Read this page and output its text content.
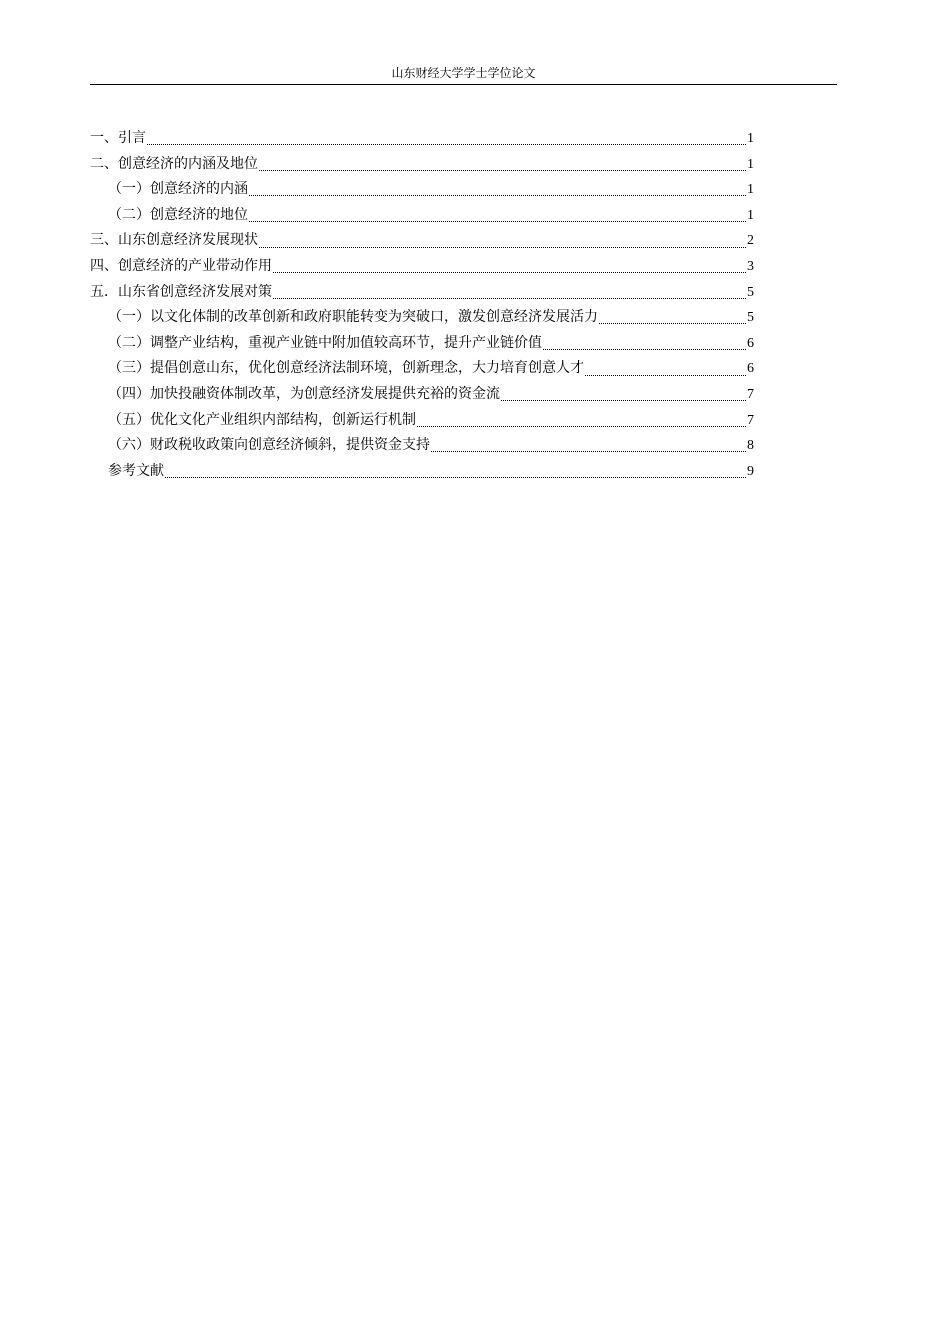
山东财经大学学士学位论文
一、引言	1
二、创意经济的内涵及地位	1
（一）创意经济的内涵	1
（二）创意经济的地位	1
三、山东创意经济发展现状	2
四、创意经济的产业带动作用	3
五．山东省创意经济发展对策	5
（一）以文化体制的改革创新和政府职能转变为突破口，激发创意经济发展活力	5
（二）调整产业结构，重视产业链中附加值较高环节，提升产业链价值	6
（三）提倡创意山东，优化创意经济法制环境，创新理念，大力培育创意人才	6
（四）加快投融资体制改革，为创意经济发展提供充裕的资金流	7
（五）优化文化产业组织内部结构，创新运行机制	7
（六）财政税收政策向创意经济倾斜，提供资金支持	8
参考文献	9
